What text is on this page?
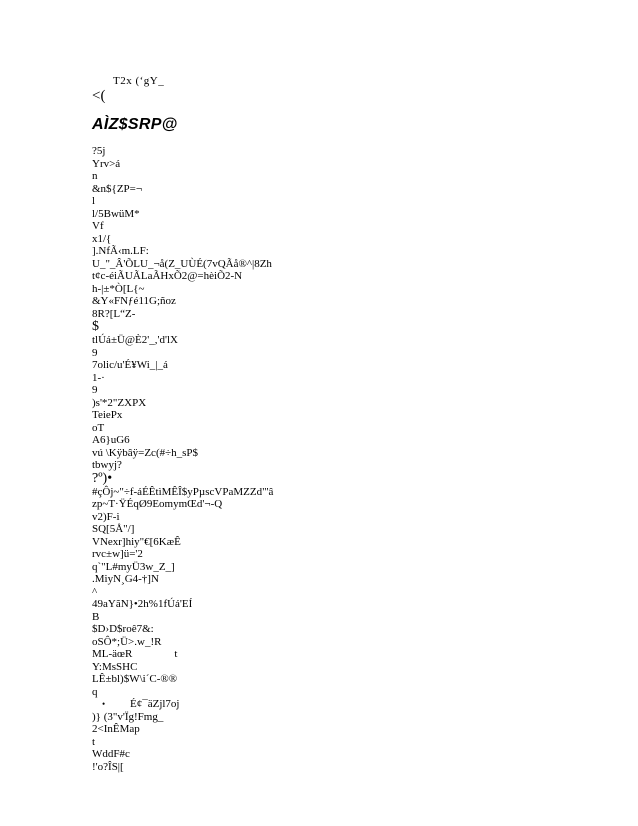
T2x (‘gY_
<(
AÌZ$SRP@
?5j
Yrv>á
n
&n${ZP=¬
l
l/5BwüM*
Vf
x1/{
].NfÃ‹m.LF:
U_"_Â'ÕLU_¬å(Z_UÙÉ(7vQÃå®^|8Zh
t¢c-éiÃUÃLaÃHxÕ2@=hèiÕ2-N
h-|±*Ò[L{~
&Y«FNƒé11G;ñoz
8R?[L“Z-
$
tlÚá±Ü@È2'_,'d'lX
9
7olic/u'É¥Wi_|_á
1-·
9
)s'*2"ZXPX
TeiePx
oT
A6}uG6
vú \Kÿbâÿ=Zc(#÷h_sP$
tbwyj?
?º)•
#çÔj~"÷f-áÉÊtìMÊÎ$yPµscVPaMZZd"'â
zp~T·ŸÉqØ9EomymŒd'¬-Q
v2)F-i
SQ[5Å"/]
VNexr]hiy"€[6KæÊ
rvc±w]ü='2
q`"L#myÜ3w_Z_]
.MiyN¸G4-†]N
^
49aYãN}•2h%1fÚá'EÍ
B
$D›D$roê7&:
oSÔ*;Ü>.w_!R
ML-äœR	t
Y:MsSHC
LÊ±bl)$W\i´C-®®
q
• É¢¯äZjl7oj
)} (3"v'Ïg!Fmg_
2<InÊMap
t
WddF#c
!'o?ÎS|[
